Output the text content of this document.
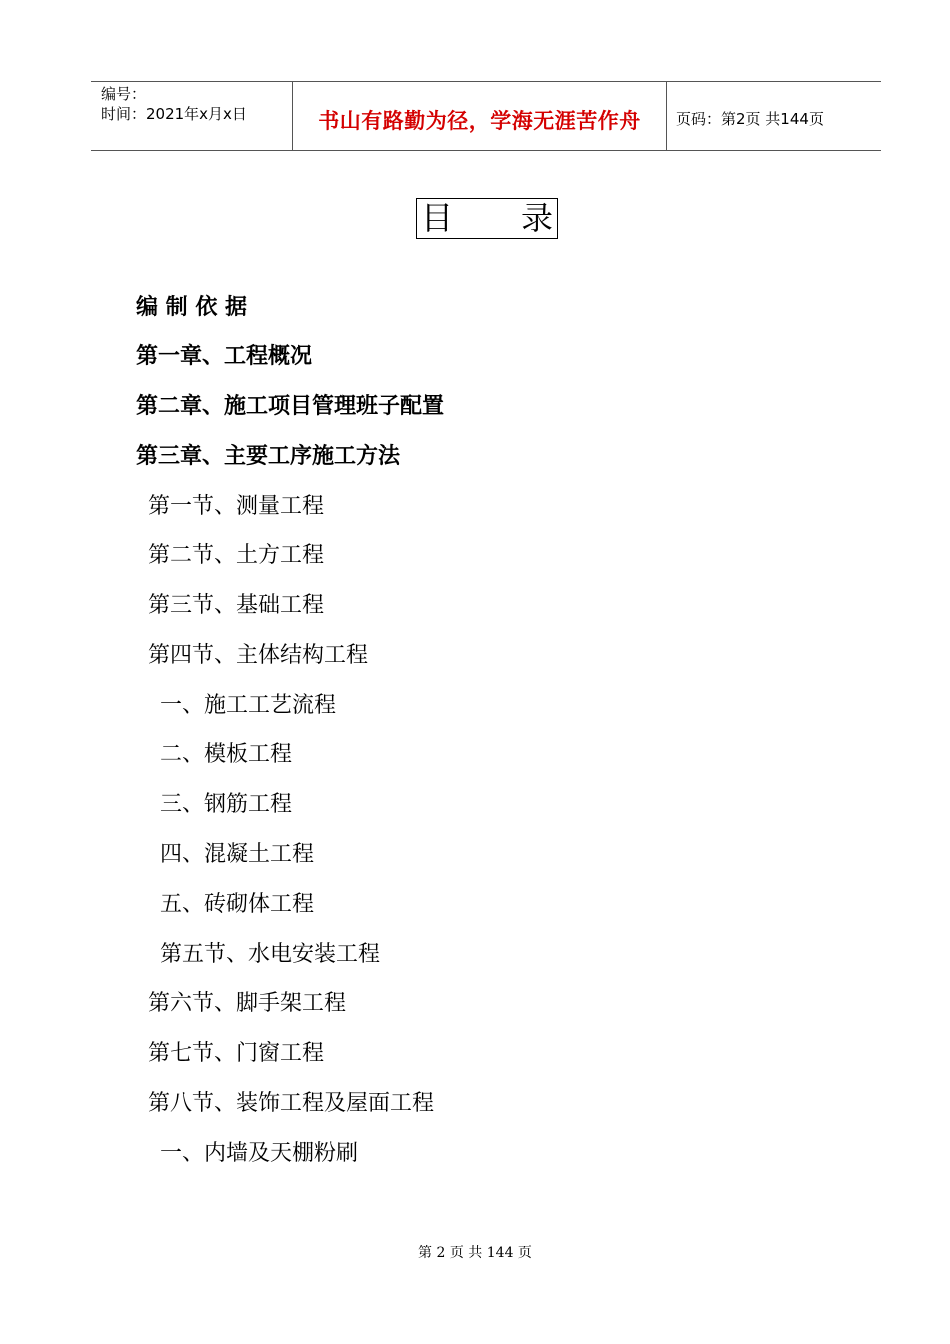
编号：
时间：2021年x月x日	书山有路勤为径，学海无涯苦作舟	页码：第2页 共144页
目 录
编 制 依 据
第一章、工程概况
第二章、施工项目管理班子配置
第三章、主要工序施工方法
第一节、测量工程
第二节、土方工程
第三节、基础工程
第四节、主体结构工程
一、施工工艺流程
二、模板工程
三、钢筋工程
四、混凝土工程
五、砖砌体工程
第五节、水电安装工程
第六节、脚手架工程
第七节、门窗工程
第八节、装饰工程及屋面工程
一、内墙及天棚粉刷
第 2 页 共 144 页
